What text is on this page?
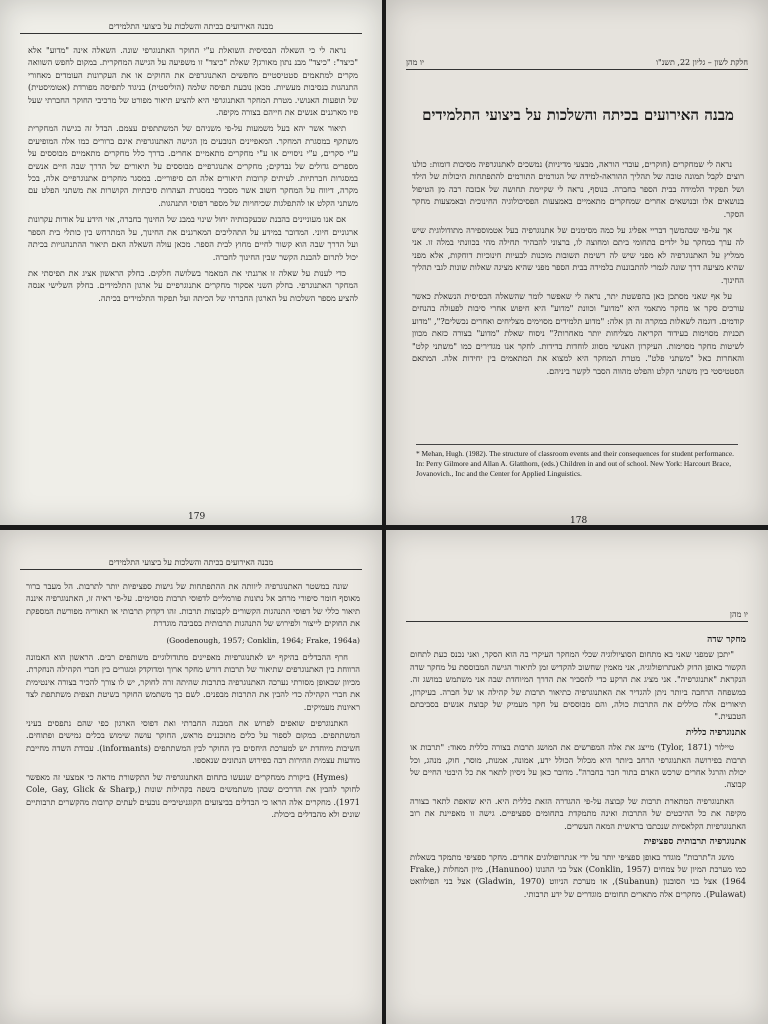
מבנה האירועים בכיתה והשלכות על ביצועי התלמידים

נראה לי כי השאלה הבסיסית השואלת ע"י החוקר האתנוגרפי שונה. השאלה אינה "מדוע" אלא "כיצד": "כיצד" מבנ נתון מאורגן? שאלת "כיצד" זו משפיעה על הגישה המחקרית. במקום לחפש השוואה מקרים למתאמים סטטיסטיים מחפשים האתנוגרפים את החוקים או את העקרונות העומדים מאחורי התנהגות בנסיבות מעשיות. מכאן נובעת תפיסה שלמה (הוליסטית) בניגוד לתפיסה מפורדת (אטומיסטית) של תופעות האנושי. מטרת המחקר האתנוגרפי היא להציע תיאור מפורט של מרכיבי החוקר החברתי שעל פיו מארגנים אנשים את חייהם בצורה מקיפה.

תיאור אשר יהא בעל משמעות על-פי משניהם של המשתתפים עצמם. הבדל זה בגישה המחקרית משתקף במסגרת המחקר. המאפיינים הנובעים מן הגישה האתנוגרפית אינם ברורים כמו אלה המופיעים ע"י סקרים, ע"י ניסויים או ע"י מחקרים מתאמיים אחרים. בדרך כלל מחקרים מתאמיים מבוססים על מספרים גדולים של נבדקים; מחקרים אתנוגרפיים מבוססים על תיאורים של הדרך שבה חיים אנשים במסגרות חברתיות. לעיתים קרובות תיאורים אלה הם סיפוריים. במסגר מחקרים אתנוגרפיים אלה, בכל מקרה, דיווח על המחקר חשוב אשר מסביר במסגרת הצהרות סיבתיות הקושרות את משתני הפלט עם משתני הקלט או להתפלגות שכיחויות של מספר דפוסי התנהגות.

אם אנו מעוניינים בהבנת שבעקבותיה יחול שינוי במבנ של החינוך בחברה, אזי הידע על אודות עקרונות ארגוניים חיוני. המדובר במידע על התהליכים המארגנים את החינוך, על המתרחש בין כותלי בית הספר ועל הדרך שבה הוא קשור לחיים מחוץ לבית הספר. מכאן עולה השאלה האם תיאור ההתנהגויות בכיתה יכול לתרום להבנת הקשר שבין החינוך לחברה.

כדי לענות על שאלה זו ארגנתי את המאמר בשלושה חלקים. בחלק הראשון אציג את תפיסתי את המחקר האתנוגרפי. בחלק השני אסקור מחקרים אתנוגרפיים על ארגון התלמידים. בחלק השלישי אנסה להציע מספר השלכות על הארגון החברתי של הכיתה ועל תפקוד התלמידים בכיתה.

179
חלקת לשון – גליון 22, תשנ"ו
יו מהן
מבנה האירועים בכיתה והשלכות על ביצועי התלמידים

נראה לי שמחקרים (חוקרים, עובדי הוראה, מבצעי מדיניות) נמשכים לאתנוגרפיה מסיבות דומות: כולנו רוצים לקבל תמונה טובה של תהליך ההוראה-למידה של הגורמים התורמים להתפתחות היכולות של הילד ושל תפקיד הלמידה בבית הספר בחברה. בנוסף, נראה לי שקיימת תחושה של אכזבה רבה מן הטיפול בנושאים אלו ובנושאים אחרים שמחקרים מתאמיים באמצעות הפסיכולוגיה החינוכית ובאמצעות מחקר הסקר.

אך על-פי שבהמשך דבריי אפליג על כמה מסימנים של אתנוגרפיה בעל אטמוספירה מתודולוגית שיש לה ערך במחקר על ילדים בתחומי ביתם ומחוצה לו, ברצוני להבהיר תחילה מהי בכוונתי במלה זו. אני ממליץ על האתנוגרפיה לא מפני שיש לה רשימת תשובות מוכנות לבעיות חינוכיות דוחקות, אלא מפני שהיא מציעה דרך שונה לגמרי להתבוננות בלמידה בבית הספר מפני שהיא מציגה שאלות שונות לגבי תהליך החינוך.

על אף שאני מסתכן כאן בהפשטת יתר, נראה לי שאפשר לומר שהשאלה הבסיסית הנשאלת כאשר עורכים סקר או מחקר מתאמי היא "מדוע" וכוונת "מדוע" היא חיפוש אחרי סיבות לפעולה בהנחים קודמים. דוגמה לשאלות במקרה זה הן אלה: "מדוע תלמידים מסוימים מצליחים ואחרים נכשלים?", "מדוע תכניות מסוימות בעידוד הקריאה מצליחות יותר מאחרות?" ניסוח שאלת "מדוע" בצורה כזאת מכוון לשיטות מחקר מסוימות. העיקרון האנושי מסווג לוחדות בדידות. לחקר אנו מגדירים כמו "משתני קלט" והאחרות כאל "משתני פלט". מטרת המחקר היא למצוא את המתאמים בין יחידות אלה. המתאם הסטטיסטי בין משתני הקלט והפלט מהווה הסבר לקשר ביניהם.

* Mehan, Hugh. (1982). The structure of classroom events and their consequences for student performance. In: Perry Gilmore and Allan A. Glatthorn, (eds.) Children in and out of school. New York: Harcourt Brace, Jovanovich., Inc and the Center for Applied Linguistics.
178
מבנה האירועים בכיתה והשלכות על ביצועי התלמידים

שונה במשטר האתנוגרפיה ליוותה את ההתפתחות של גישות ספציפיות יותר לתרבות. הל מעבר ברור מאוסף חומר סיפורי מרחב אל נתונות פורמליים לדפוסי תרבות מסוימים. על-פי ראיה זו, האתנוגרפיה איננה תיאור כללי של דפוסי התנהגות הקשורים לקבוצות תרבות. זהו דקדוק תרבותי או תאוריה מפורשת המספקת את החוקים לייצור ולפירוש של התנהגות תרבותית בסביבה מוגדרת

(Goodenough, 1957; Conklin, 1964; Frake, 1964a)

חרף ההבדלים בהיקף יש לאתנוגרפיות מאפיינים מתודולוגיים משותפים רבים. הראשון הוא האמונה הרווחת בין האתנוגרפים שתיאור של תרבות דורש מחקר ארוך ומדוקדק ומגורים בין חברי הקהילה הנחקרת. מכיוון שבאופן מסורתי נערכה האתנוגרפיה בתרבות שהיתה זרה לחוקר, יש לו צורך להכיר בצורה אינטימית את חברי הקהילה כדי להבין את התרבות מבפנים. לשם כך משתמש החוקר בשיטת תצפית משתתפת לצד ראיונות מעמיקים.

האתנוגרפים שואפים לפרוש את המבנה החברתי ואת דפוסי הארגון כפי שהם נתפסים בעיני המשתתפים. במקום לספור על כלים מתוכננים מראש, החוקר עושה שימוש בכלים גמישים ופתוחים. חשיבות מיוחדת יש למערכת היחסים בין החוקר לבין המשתתפים (informants). עבודת השדה מחייבת מודעות עצמית וזהירות רבה בפירוש הנתונים שנאספו.

(Hymes) ביקורת ממחקרים שנעשו בתחום האתנוגרפיה של התקשורת מראה כי אמצעי זה מאפשר לחוקר להבין את הדרכים שבהן משתמשים בשפה בקהילות שונות (Cole, Gay, Glick & Sharp, 1971). מחקרים אלה הראו כי הבדלים בביצועים הקוגניטיביים נובעים לעתים קרובות מהקשרים תרבותיים שונים ולא מהבדלים ביכולת.

יו מהן
מחקר שדה

"יתכן שמפני שאני בא מתחום הסוציולוגיה שכלי המחקר העיקרי בה הוא הסקר, ואני נכנס כעת לתחום הקשור באופן הדוק לאנתרופולוגיה, אני מאמין שחשוב להקדיש זמן לתיאור הגישה המבוססת על מחקר שדה הנקראת "אתנוגרפיה". אני מציג את הרקע כדי להסביר את הדרך המיוחדת שבה אני משתמש במושג זה. במשפחה הרחבה ביותר ניתן להגדיר את האתנוגרפיה כתיאור תרבות של קהילה או של חברה. בעיקרון, תיאורים אלה כוללים את התרבות כולה, והם מבוססים על חקר מעמיק של קבוצת אנשים בסביבתם הטבעית."

אתנוגרפיה כללית

טיילור (Tylor, 1871) מייצג את אלה המפרשים את המושג תרבות בצורה כללית מאוד: "תרבות או תרבות בפירושה האתנוגרפי הרחב ביותר היא מכלול הכולל ידע, אמונה, אמנות, מוסר, חוק, מנהג, וכל יכולת והרגל אחרים שרכש האדם בתור חבר בחברה". מדובר כאן על ניסיון לתאר את כל היבטי החיים של קבוצה.

האתנוגרפיה המתארת תרבות של קבוצה על-פי ההגדרה הזאת כללית היא. היא שואפת לתאר בצורה מקיפה את כל ההיבטים של התרבות ואינה מתמקדת בתחומים ספציפיים. גישה זו מאפיינת את רוב האתנוגרפיות הקלאסיות שנכתבו בראשית המאה העשרים.

אתנוגרפיה תרבותית ספציפית

מושג ה"תרבות" מוגדר באופן ספציפי יותר על ידי אנתרופולוגים אחרים. מחקר ספציפי מתמקד בשאלות כמו מערכת המיון של צמחים (Conklin, 1957) אצל בני ההנונו (Hanunoo), מיון המחלות (Frake, 1964) אצל בני הסובנון (Subanun), או מערכת הניווט (Gladwin, 1970) אצל בני הפולוואט (Pulawat). מחקרים אלה מתארים תחומים מוגדרים של ידע תרבותי.
